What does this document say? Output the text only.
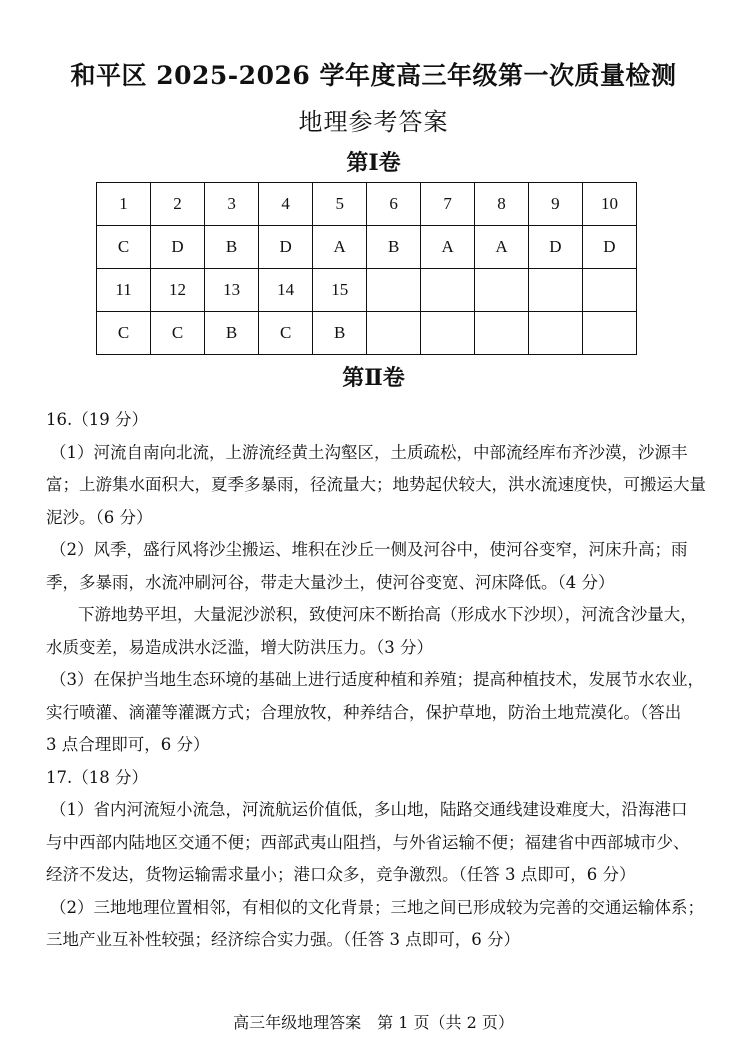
和平区 2025-2026 学年度高三年级第一次质量检测
地理参考答案
第Ⅰ卷
1	2	3	4	5	6	7	8	9	10
C	D	B	D	A	B	A	A	D	D
11	12	13	14	15					
C	C	B	C	B					
第Ⅱ卷
16.（19 分）
（1）河流自南向北流，上游流经黄土沟壑区，土质疏松，中部流经库布齐沙漠，沙源丰
富；上游集水面积大，夏季多暴雨，径流量大；地势起伏较大，洪水流速度快，可搬运大量
泥沙。（6 分）
（2）风季，盛行风将沙尘搬运、堆积在沙丘一侧及河谷中，使河谷变窄，河床升高；雨
季，多暴雨，水流冲刷河谷，带走大量沙土，使河谷变宽、河床降低。（4 分）
下游地势平坦，大量泥沙淤积，致使河床不断抬高（形成水下沙坝），河流含沙量大，
水质变差，易造成洪水泛滥，增大防洪压力。（3 分）
（3）在保护当地生态环境的基础上进行适度种植和养殖；提高种植技术，发展节水农业，
实行喷灌、滴灌等灌溉方式；合理放牧，种养结合，保护草地，防治土地荒漠化。（答出
3 点合理即可，6 分）
17.（18 分）
（1）省内河流短小流急，河流航运价值低，多山地，陆路交通线建设难度大，沿海港口
与中西部内陆地区交通不便；西部武夷山阻挡，与外省运输不便；福建省中西部城市少、
经济不发达，货物运输需求量小；港口众多，竞争激烈。（任答 3 点即可，6 分）
（2）三地地理位置相邻，有相似的文化背景；三地之间已形成较为完善的交通运输体系；
三地产业互补性较强；经济综合实力强。（任答 3 点即可，6 分）
高三年级地理答案　第 1 页（共 2 页）
